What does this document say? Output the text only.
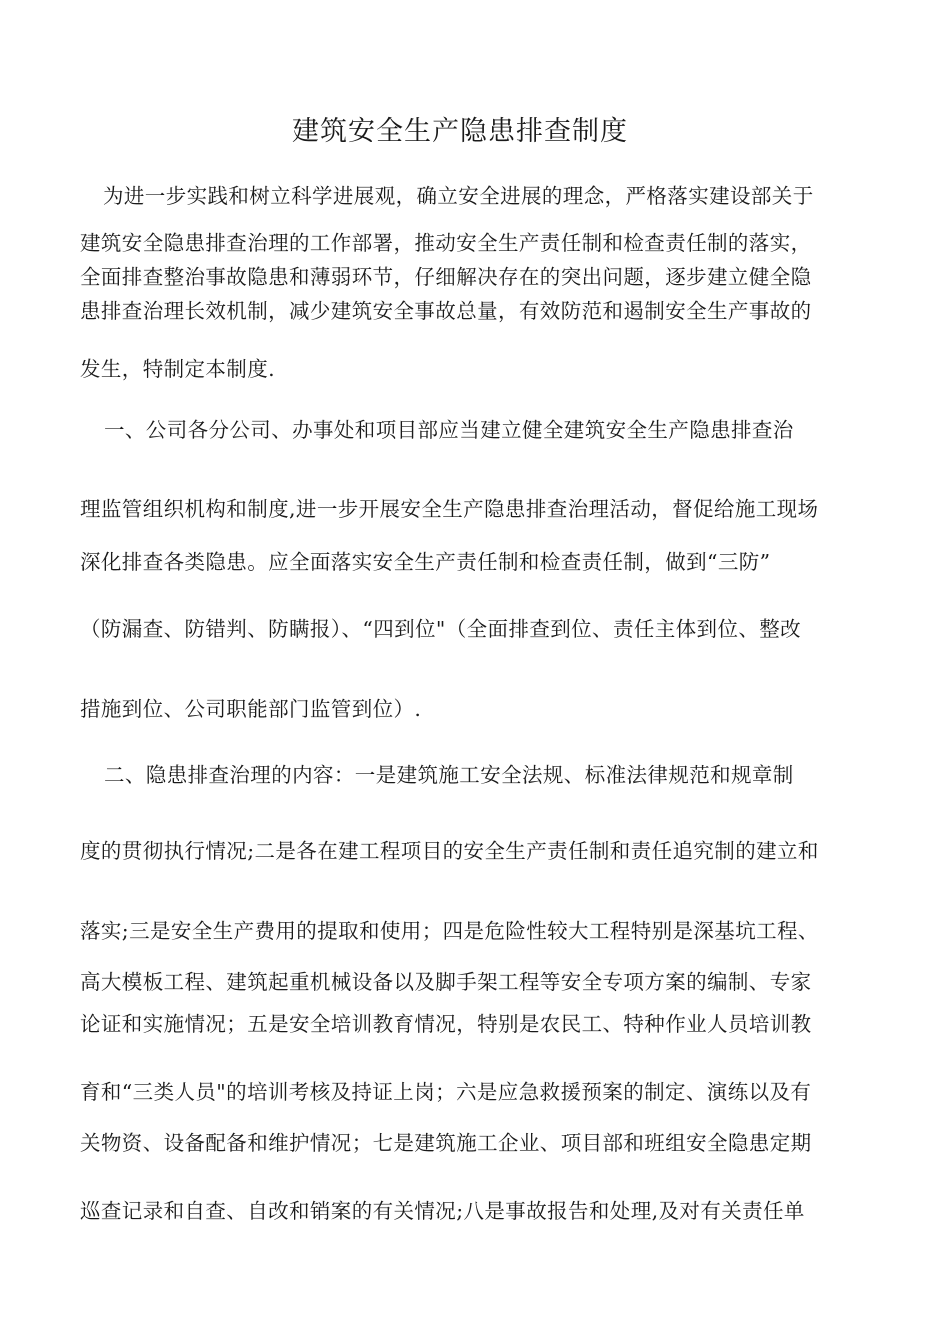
建筑安全生产隐患排查制度
为进一步实践和树立科学进展观，确立安全进展的理念，严格落实建设部关于
建筑安全隐患排查治理的工作部署，推动安全生产责任制和检查责任制的落实，
全面排查整治事故隐患和薄弱环节，仔细解决存在的突出问题，逐步建立健全隐
患排查治理长效机制，减少建筑安全事故总量，有效防范和遏制安全生产事故的
发生，特制定本制度.
一、公司各分公司、办事处和项目部应当建立健全建筑安全生产隐患排查治
理监管组织机构和制度,进一步开展安全生产隐患排查治理活动，督促给施工现场
深化排查各类隐患。应全面落实安全生产责任制和检查责任制，做到“三防”
（防漏查、防错判、防瞒报）、“四到位"（全面排查到位、责任主体到位、整改
措施到位、公司职能部门监管到位）.
二、隐患排查治理的内容：一是建筑施工安全法规、标准法律规范和规章制
度的贯彻执行情况;二是各在建工程项目的安全生产责任制和责任追究制的建立和
落实;三是安全生产费用的提取和使用；四是危险性较大工程特别是深基坑工程、
高大模板工程、建筑起重机械设备以及脚手架工程等安全专项方案的编制、专家
论证和实施情况；五是安全培训教育情况，特别是农民工、特种作业人员培训教
育和“三类人员"的培训考核及持证上岗；六是应急救援预案的制定、演练以及有
关物资、设备配备和维护情况；七是建筑施工企业、项目部和班组安全隐患定期
巡查记录和自查、自改和销案的有关情况;八是事故报告和处理,及对有关责任单
